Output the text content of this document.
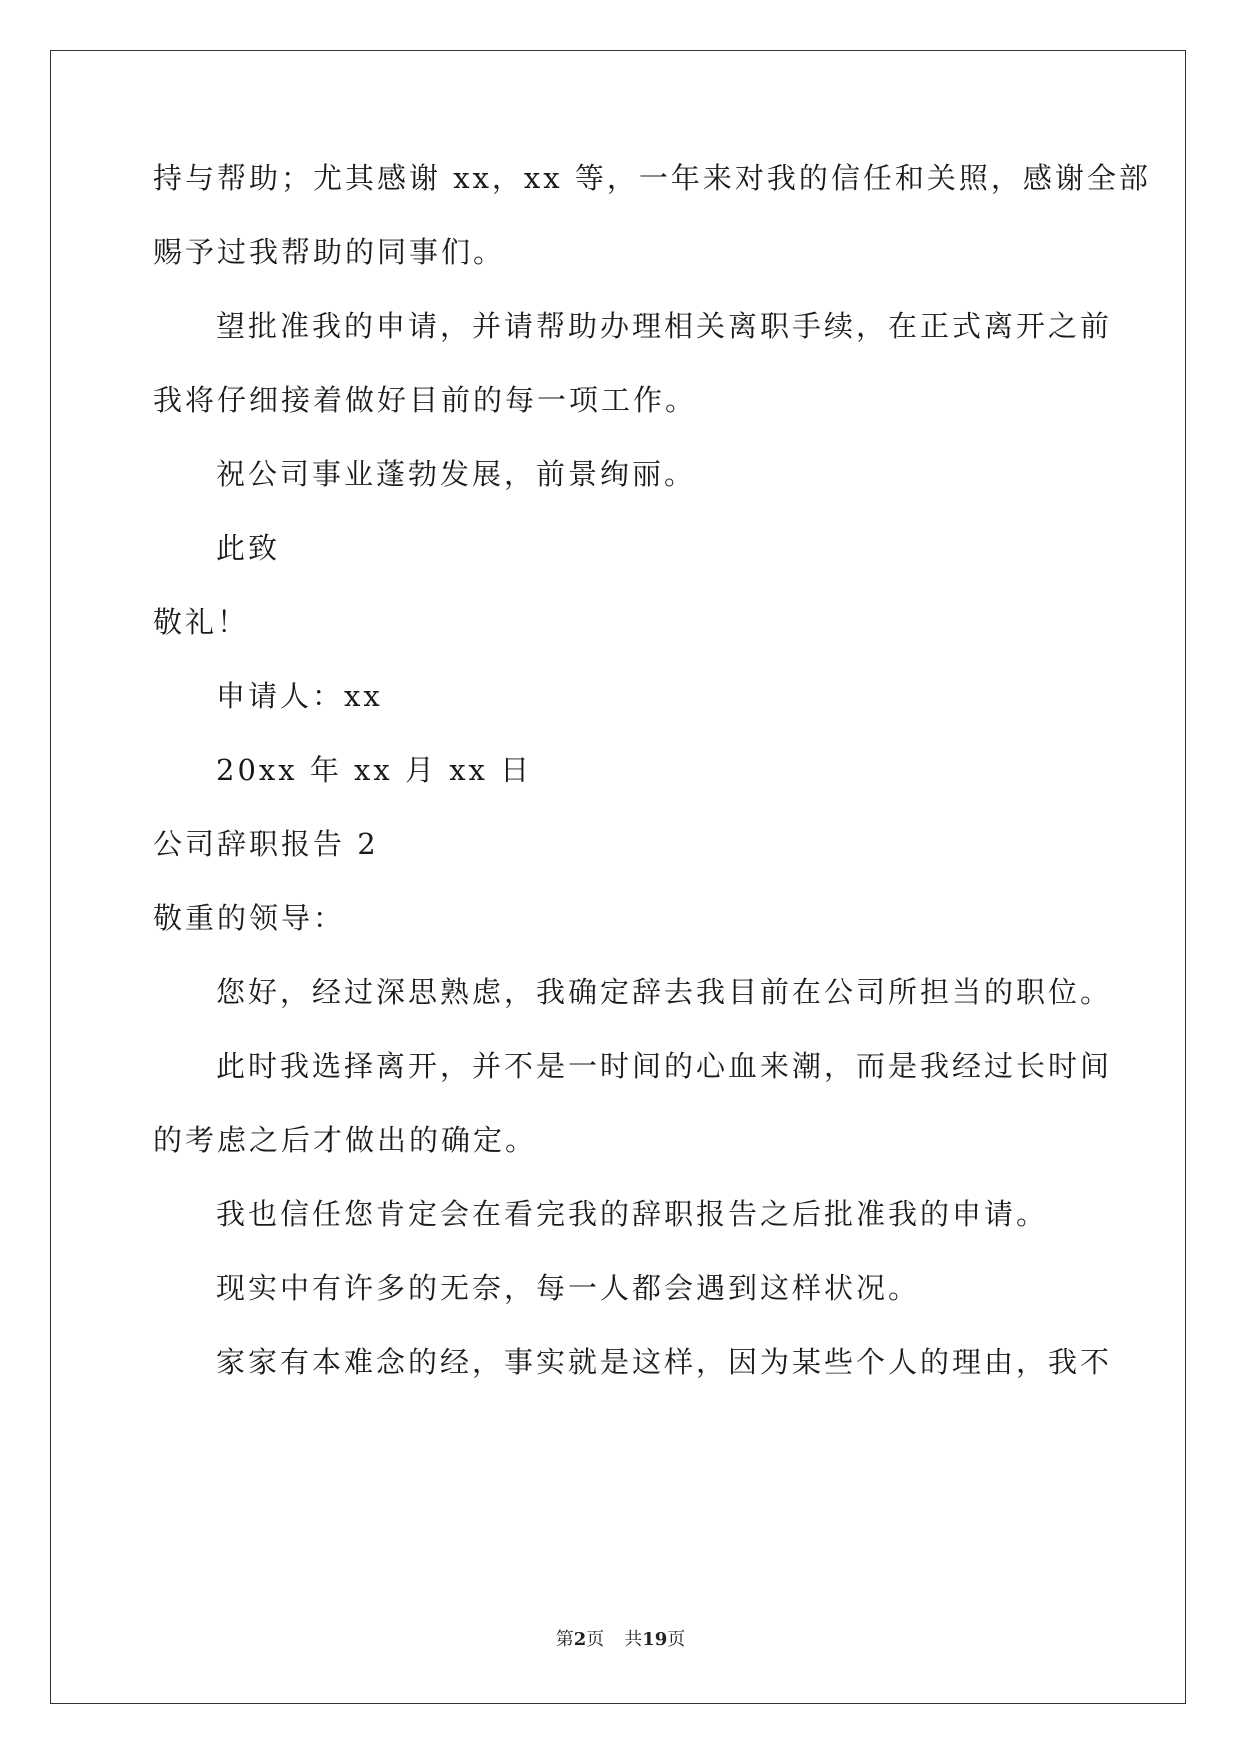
持与帮助；尤其感谢 xx，xx 等，一年来对我的信任和关照，感谢全部
赐予过我帮助的同事们。
望批准我的申请，并请帮助办理相关离职手续，在正式离开之前
我将仔细接着做好目前的每一项工作。
祝公司事业蓬勃发展，前景绚丽。
此致
敬礼！
申请人：xx
20xx 年 xx 月 xx 日
公司辞职报告 2
敬重的领导：
您好，经过深思熟虑，我确定辞去我目前在公司所担当的职位。
此时我选择离开，并不是一时间的心血来潮，而是我经过长时间
的考虑之后才做出的确定。
我也信任您肯定会在看完我的辞职报告之后批准我的申请。
现实中有许多的无奈，每一人都会遇到这样状况。
家家有本难念的经，事实就是这样，因为某些个人的理由，我不
第2页 共19页
